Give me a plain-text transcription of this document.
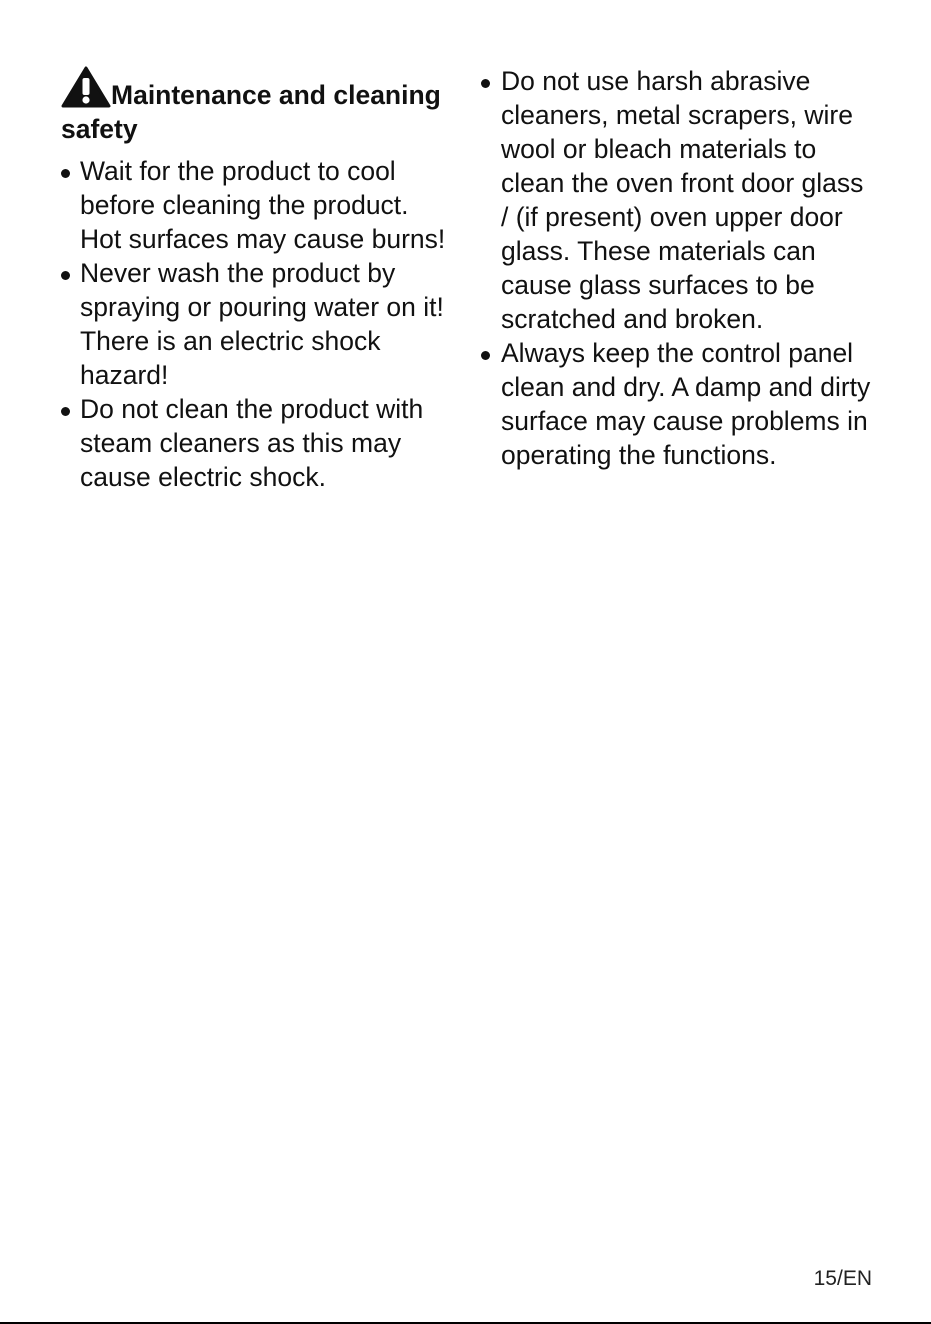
Maintenance and cleaning safety
Wait for the product to cool before cleaning the product. Hot surfaces may cause burns!
Never wash the product by spraying or pouring water on it! There is an electric shock hazard!
Do not clean the product with steam cleaners as this may cause electric shock.
Do not use harsh abrasive cleaners, metal scrapers, wire wool or bleach materials to clean the oven front door glass / (if present) oven upper door glass. These materials can cause glass surfaces to be scratched and broken.
Always keep the control panel clean and dry. A damp and dirty surface may cause problems in operating the functions.
15/EN
